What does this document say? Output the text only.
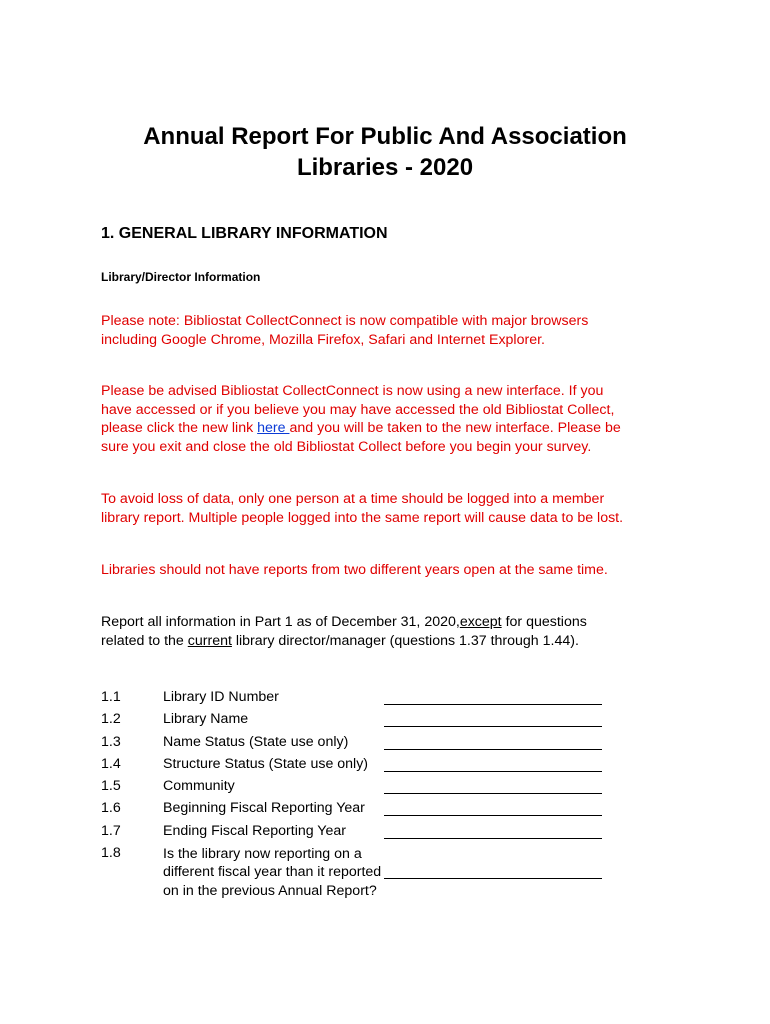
Annual Report For Public And Association
Libraries - 2020
1. GENERAL LIBRARY INFORMATION
Library/Director Information

Please note: Bibliostat CollectConnect is now compatible with major browsers including Google Chrome, Mozilla Firefox, Safari and Internet Explorer.

Please be advised Bibliostat CollectConnect is now using a new interface. If you have accessed or if you believe you may have accessed the old Bibliostat Collect, please click the new link here and you will be taken to the new interface. Please be sure you exit and close the old Bibliostat Collect before you begin your survey.

To avoid loss of data, only one person at a time should be logged into a member library report. Multiple people logged into the same report will cause data to be lost.

Libraries should not have reports from two different years open at the same time.

Report all information in Part 1 as of December 31, 2020,except for questions related to the current library director/manager (questions 1.37 through 1.44).

1.1	Library ID Number
1.2	Library Name
1.3	Name Status (State use only)
1.4	Structure Status (State use only)
1.5	Community
1.6	Beginning Fiscal Reporting Year
1.7	Ending Fiscal Reporting Year
1.8	Is the library now reporting on a different fiscal year than it reported on in the previous Annual Report?
